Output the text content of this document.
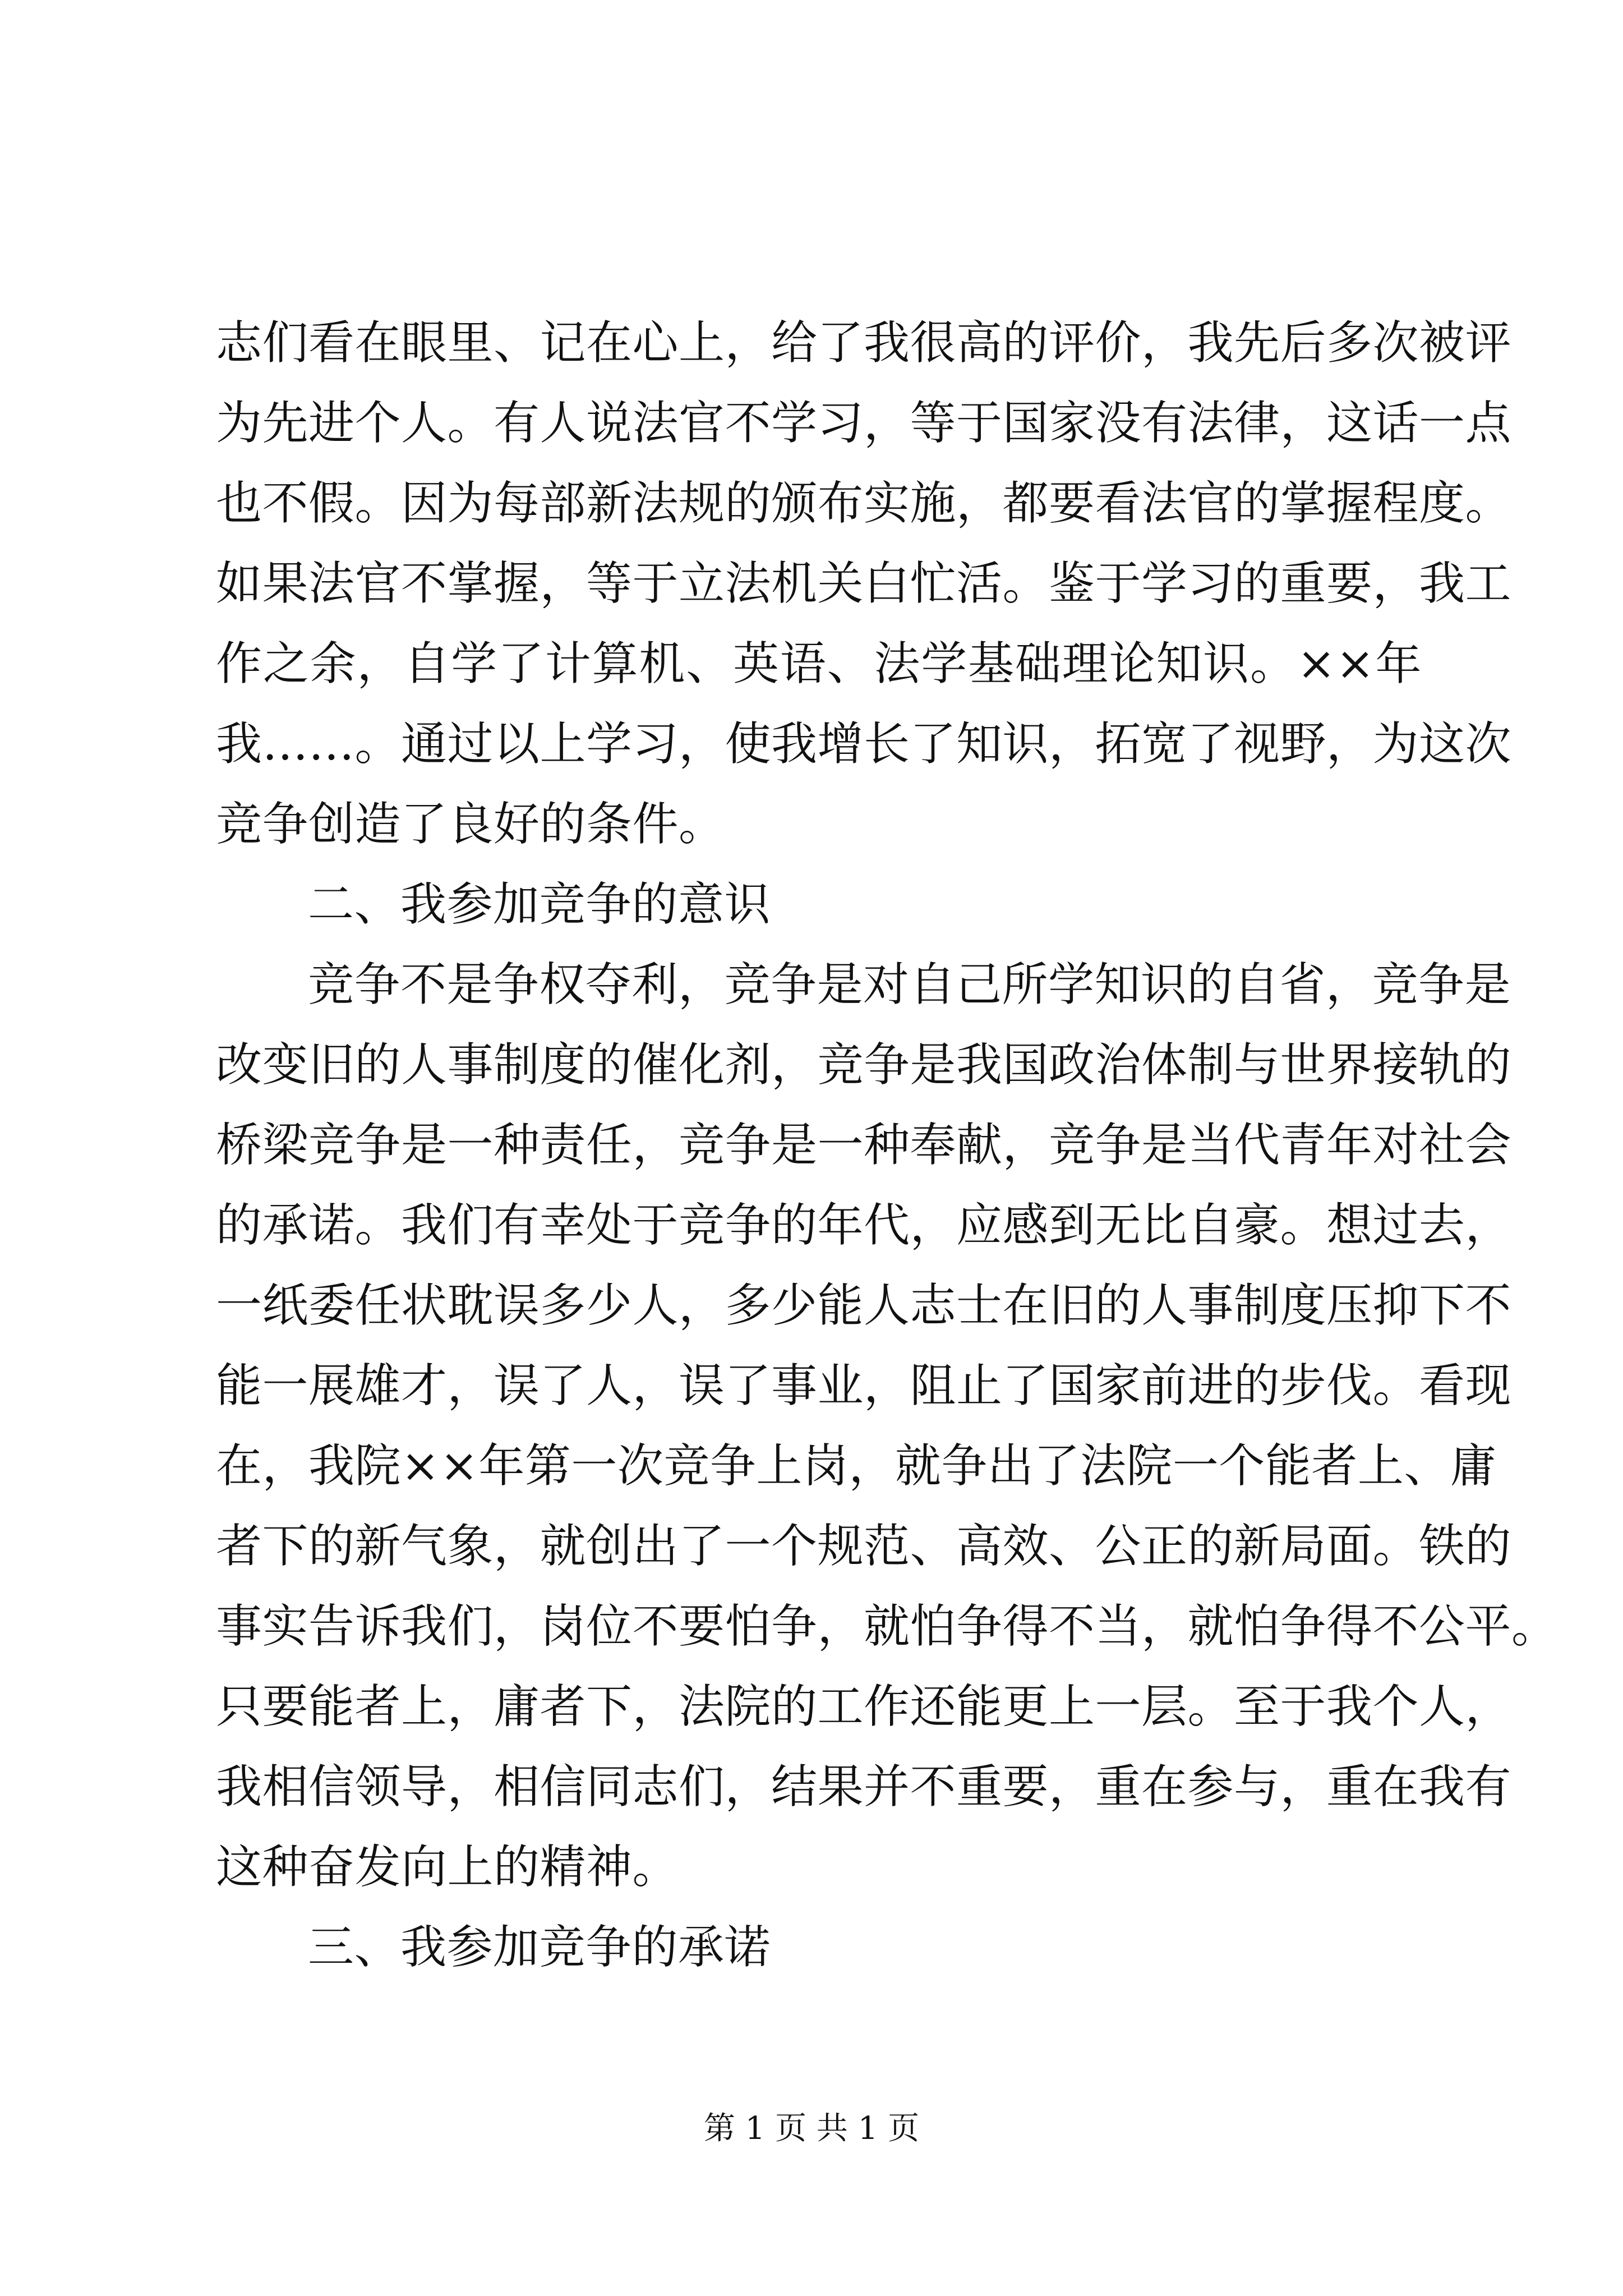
志们看在眼里、记在心上，给了我很高的评价，我先后多次被评
为先进个人。有人说法官不学习，等于国家没有法律，这话一点
也不假。因为每部新法规的颁布实施，都要看法官的掌握程度。
如果法官不掌握，等于立法机关白忙活。鉴于学习的重要，我工
作之余，自学了计算机、英语、法学基础理论知识。××年
我……。通过以上学习，使我增长了知识，拓宽了视野，为这次
竞争创造了良好的条件。
二、我参加竞争的意识
竞争不是争权夺利，竞争是对自己所学知识的自省，竞争是
改变旧的人事制度的催化剂，竞争是我国政治体制与世界接轨的
桥梁竞争是一种责任，竞争是一种奉献，竞争是当代青年对社会
的承诺。我们有幸处于竞争的年代，应感到无比自豪。想过去，
一纸委任状耽误多少人，多少能人志士在旧的人事制度压抑下不
能一展雄才，误了人，误了事业，阻止了国家前进的步伐。看现
在，我院××年第一次竞争上岗，就争出了法院一个能者上、庸
者下的新气象，就创出了一个规范、高效、公正的新局面。铁的
事实告诉我们，岗位不要怕争，就怕争得不当，就怕争得不公平。
只要能者上，庸者下，法院的工作还能更上一层。至于我个人，
我相信领导，相信同志们，结果并不重要，重在参与，重在我有
这种奋发向上的精神。
三、我参加竞争的承诺
第 1 页 共 1 页
